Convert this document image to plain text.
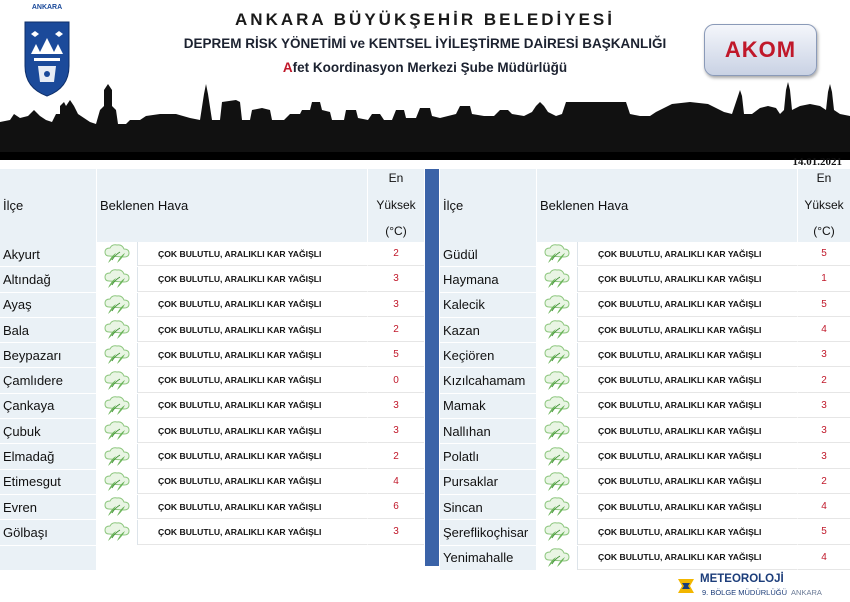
ANKARA
ANKARA BÜYÜKŞEHİR BELEDİYESİ
DEPREM RİSK YÖNETİMİ ve KENTSEL İYİLEŞTİRME DAİRESİ BAŞKANLIĞI
Afet Koordinasyon Merkezi Şube Müdürlüğü
AKOM
14.01.2021
İlçe	Beklenen Hava
En
Yüksek
(°C)
Akyurt	ÇOK BULUTLU, ARALIKLI KAR YAĞIŞLI	2
Altındağ	ÇOK BULUTLU, ARALIKLI KAR YAĞIŞLI	3
Ayaş	ÇOK BULUTLU, ARALIKLI KAR YAĞIŞLI	3
Bala	ÇOK BULUTLU, ARALIKLI KAR YAĞIŞLI	2
Beypazarı	ÇOK BULUTLU, ARALIKLI KAR YAĞIŞLI	5
Çamlıdere	ÇOK BULUTLU, ARALIKLI KAR YAĞIŞLI	0
Çankaya	ÇOK BULUTLU, ARALIKLI KAR YAĞIŞLI	3
Çubuk	ÇOK BULUTLU, ARALIKLI KAR YAĞIŞLI	3
Elmadağ	ÇOK BULUTLU, ARALIKLI KAR YAĞIŞLI	2
Etimesgut	ÇOK BULUTLU, ARALIKLI KAR YAĞIŞLI	4
Evren	ÇOK BULUTLU, ARALIKLI KAR YAĞIŞLI	6
Gölbaşı	ÇOK BULUTLU, ARALIKLI KAR YAĞIŞLI	3
İlçe	Beklenen Hava
En
Yüksek
(°C)
Güdül	ÇOK BULUTLU, ARALIKLI KAR YAĞIŞLI	5
Haymana	ÇOK BULUTLU, ARALIKLI KAR YAĞIŞLI	1
Kalecik	ÇOK BULUTLU, ARALIKLI KAR YAĞIŞLI	5
Kazan	ÇOK BULUTLU, ARALIKLI KAR YAĞIŞLI	4
Keçiören	ÇOK BULUTLU, ARALIKLI KAR YAĞIŞLI	3
Kızılcahamam	ÇOK BULUTLU, ARALIKLI KAR YAĞIŞLI	2
Mamak	ÇOK BULUTLU, ARALIKLI KAR YAĞIŞLI	3
Nallıhan	ÇOK BULUTLU, ARALIKLI KAR YAĞIŞLI	3
Polatlı	ÇOK BULUTLU, ARALIKLI KAR YAĞIŞLI	3
Pursaklar	ÇOK BULUTLU, ARALIKLI KAR YAĞIŞLI	2
Sincan	ÇOK BULUTLU, ARALIKLI KAR YAĞIŞLI	4
Şereflikoçhisar	ÇOK BULUTLU, ARALIKLI KAR YAĞIŞLI	5
Yenimahalle	ÇOK BULUTLU, ARALIKLI KAR YAĞIŞLI	4
METEOROLOJİ
9. BÖLGE MÜDÜRLÜĞÜ ANKARA
